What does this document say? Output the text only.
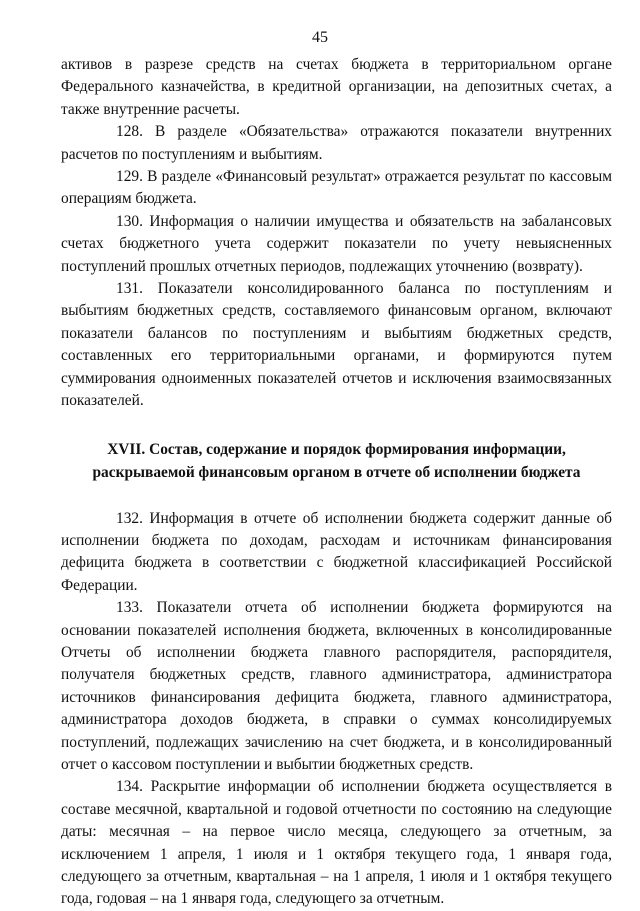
45

активов в разрезе средств на счетах бюджета в территориальном органе Федерального казначейства, в кредитной организации, на депозитных счетах, а также внутренние расчеты.

128. В разделе «Обязательства» отражаются показатели внутренних расчетов по поступлениям и выбытиям.

129. В разделе «Финансовый результат» отражается результат по кассовым операциям бюджета.

130. Информация о наличии имущества и обязательств на забалансовых счетах бюджетного учета содержит показатели по учету невыясненных поступлений прошлых отчетных периодов, подлежащих уточнению (возврату).

131. Показатели консолидированного баланса по поступлениям и выбытиям бюджетных средств, составляемого финансовым органом, включают показатели балансов по поступлениям и выбытиям бюджетных средств, составленных его территориальными органами, и формируются путем суммирования одноименных показателей отчетов и исключения взаимосвязанных показателей.

XVII. Состав, содержание и порядок формирования информации,
раскрываемой финансовым органом в отчете об исполнении бюджета

132. Информация в отчете об исполнении бюджета содержит данные об исполнении бюджета по доходам, расходам и источникам финансирования дефицита бюджета в соответствии с бюджетной классификацией Российской Федерации.

133. Показатели отчета об исполнении бюджета формируются на основании показателей исполнения бюджета, включенных в консолидированные Отчеты об исполнении бюджета главного распорядителя, распорядителя, получателя бюджетных средств, главного администратора, администратора источников финансирования дефицита бюджета, главного администратора, администратора доходов бюджета, в справки о суммах консолидируемых поступлений, подлежащих зачислению на счет бюджета, и в консолидированный отчет о кассовом поступлении и выбытии бюджетных средств.

134. Раскрытие информации об исполнении бюджета осуществляется в составе месячной, квартальной и годовой отчетности по состоянию на следующие даты: месячная – на первое число месяца, следующего за отчетным, за исключением 1 апреля, 1 июля и 1 октября текущего года, 1 января года, следующего за отчетным, квартальная – на 1 апреля, 1 июля и 1 октября текущего года, годовая – на 1 января года, следующего за отчетным.
